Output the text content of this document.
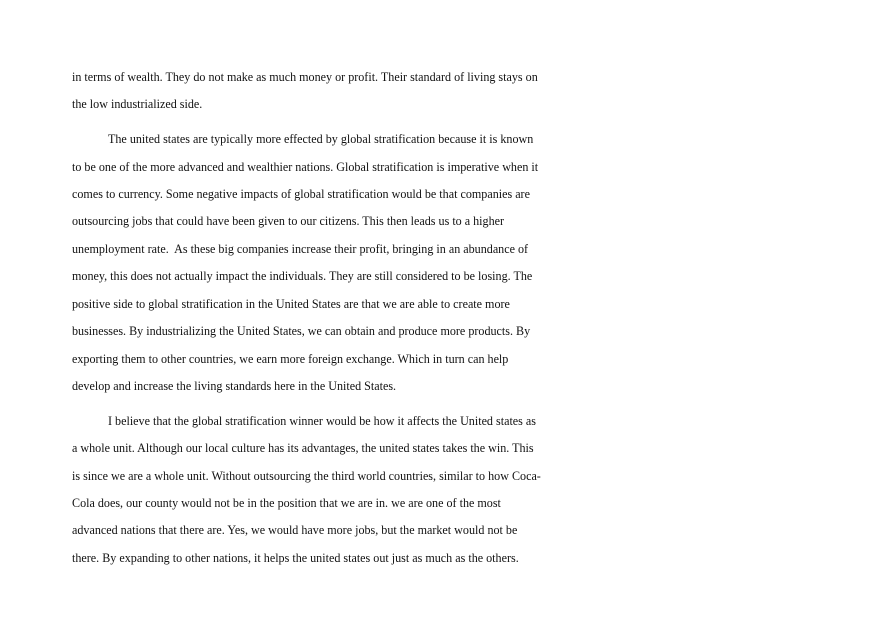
in terms of wealth. They do not make as much money or profit. Their standard of living stays on

the low industrialized side.

The united states are typically more effected by global stratification because it is known

to be one of the more advanced and wealthier nations. Global stratification is imperative when it

comes to currency. Some negative impacts of global stratification would be that companies are

outsourcing jobs that could have been given to our citizens. This then leads us to a higher

unemployment rate.  As these big companies increase their profit, bringing in an abundance of

money, this does not actually impact the individuals. They are still considered to be losing. The

positive side to global stratification in the United States are that we are able to create more

businesses. By industrializing the United States, we can obtain and produce more products. By

exporting them to other countries, we earn more foreign exchange. Which in turn can help

develop and increase the living standards here in the United States.

I believe that the global stratification winner would be how it affects the United states as

a whole unit. Although our local culture has its advantages, the united states takes the win. This

is since we are a whole unit. Without outsourcing the third world countries, similar to how Coca-

Cola does, our county would not be in the position that we are in. we are one of the most

advanced nations that there are. Yes, we would have more jobs, but the market would not be

there. By expanding to other nations, it helps the united states out just as much as the others.
